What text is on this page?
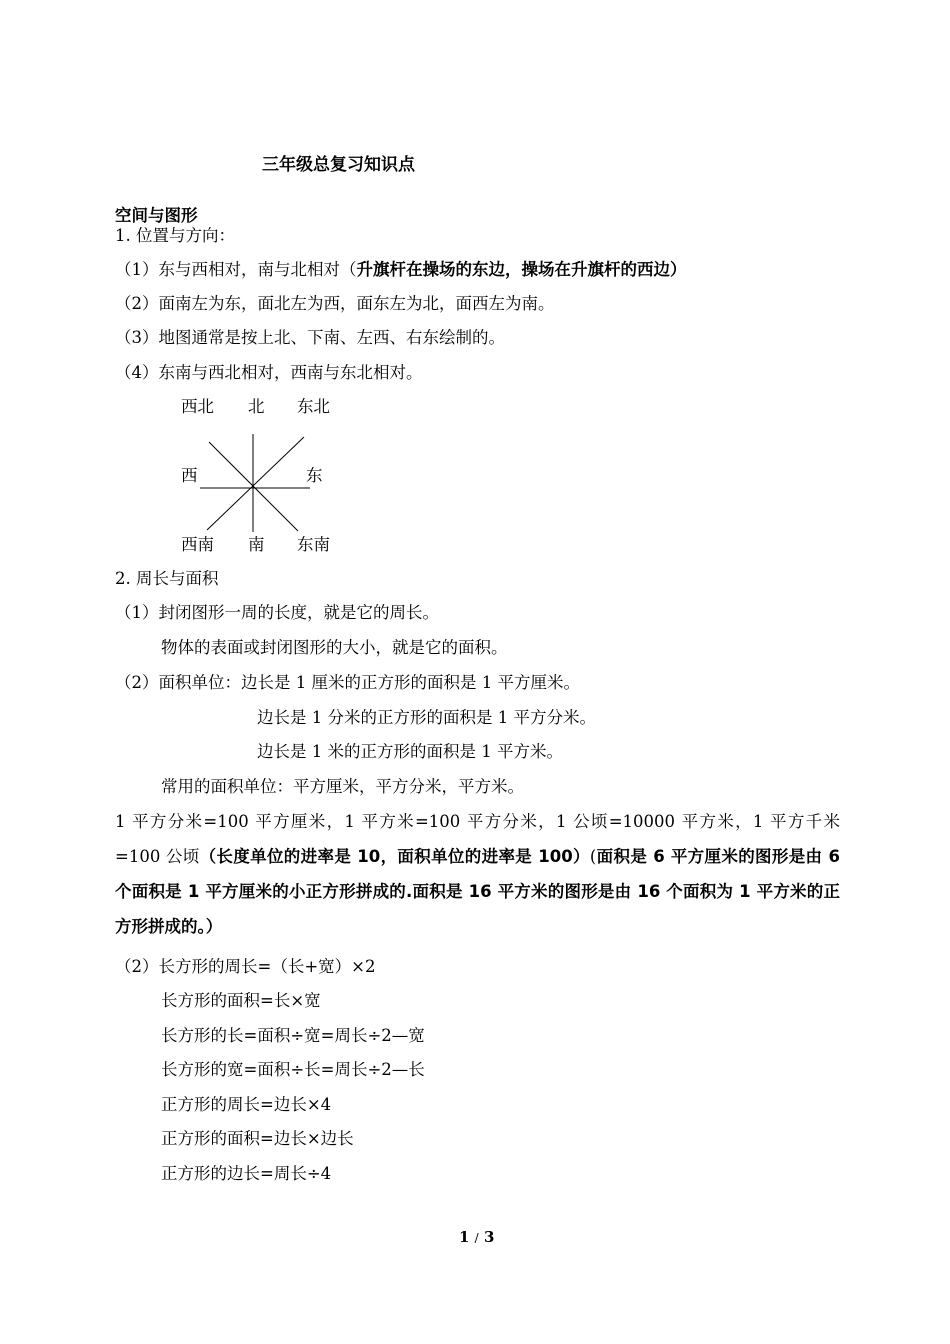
三年级总复习知识点
空间与图形
1. 位置与方向：
（1）东与西相对，南与北相对（升旗杆在操场的东边，操场在升旗杆的西边）
（2）面南左为东，面北左为西，面东左为北，面西左为南。
（3）地图通常是按上北、下南、左西、右东绘制的。
（4）东南与西北相对，西南与东北相对。
西北 北 东北
西	东
西南 南 东南
2. 周长与面积
（1）封闭图形一周的长度，就是它的周长。
物体的表面或封闭图形的大小，就是它的面积。
（2）面积单位：边长是 1 厘米的正方形的面积是 1 平方厘米。
边长是 1 分米的正方形的面积是 1 平方分米。
边长是 1 米的正方形的面积是 1 平方米。
常用的面积单位：平方厘米，平方分米，平方米。
1 平方分米=100 平方厘米，1 平方米=100 平方分米，1 公顷=10000 平方米，1 平方千米=100 公顷（长度单位的进率是 10，面积单位的进率是 100）(面积是 6 平方厘米的图形是由 6 个面积是 1 平方厘米的小正方形拼成的.面积是 16 平方米的图形是由 16 个面积为 1 平方米的正方形拼成的。）
（2）长方形的周长=（长+宽）×2
长方形的面积=长×宽
长方形的长=面积÷宽=周长÷2—宽
长方形的宽=面积÷长=周长÷2—长
正方形的周长=边长×4
正方形的面积=边长×边长
正方形的边长=周长÷4
1 / 3
